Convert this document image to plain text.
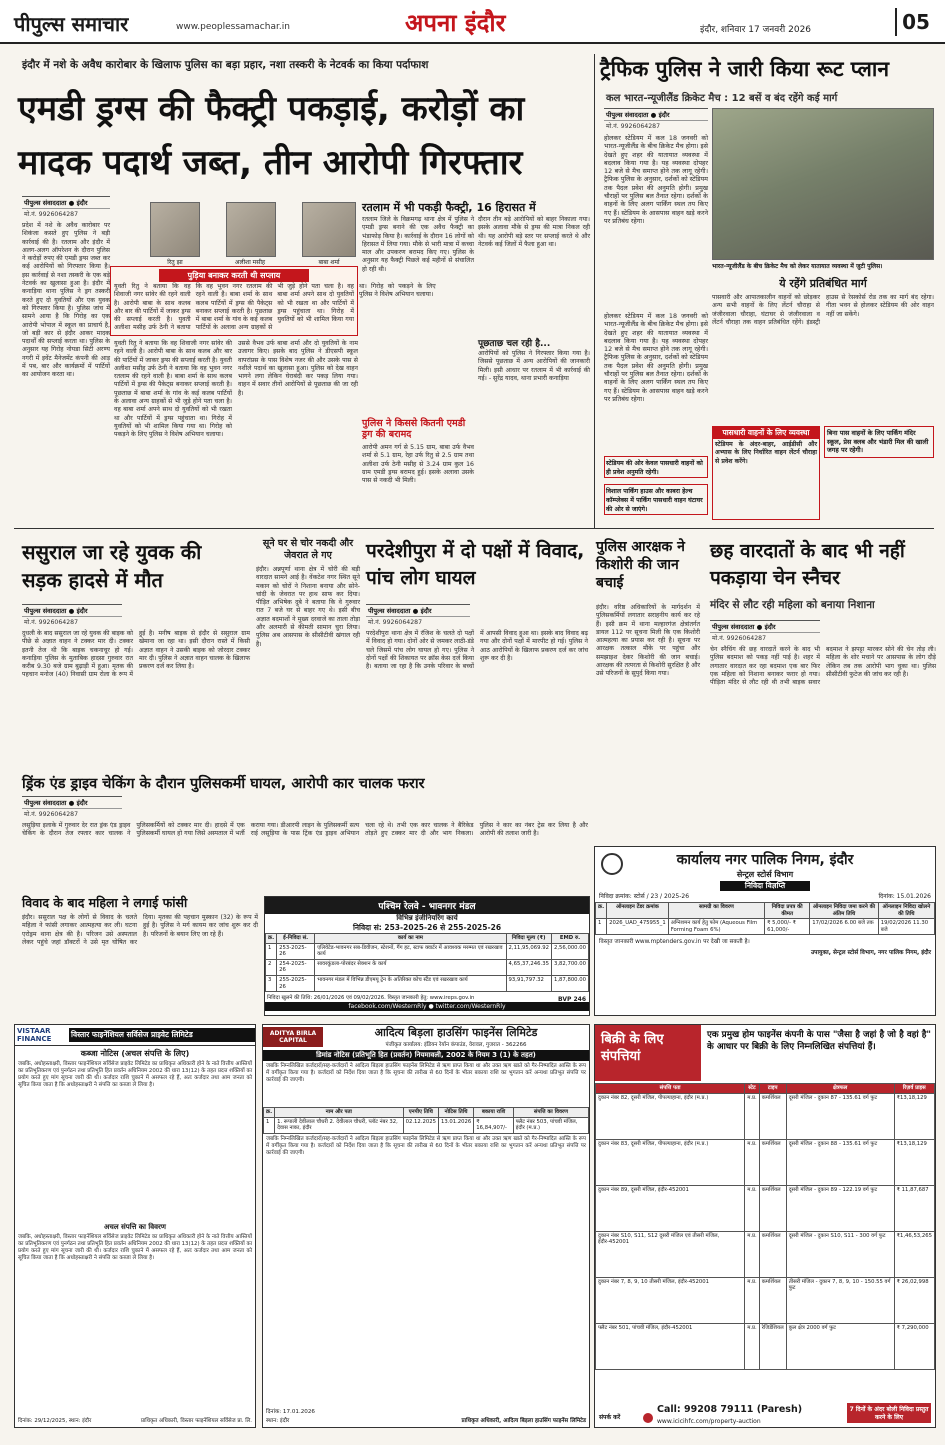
पीपुल्स समाचार	www.peoplessamachar.in	अपना इंदौर	इंदौर, शनिवार 17 जनवरी 2026	05
इंदौर में नशे के अवैध कारोबार के खिलाफ पुलिस का बड़ा प्रहार, नशा तस्करी के नेटवर्क का किया पर्दाफाश
एमडी ड्रग्स की फैक्ट्री पकड़ाई, करोड़ों का मादक पदार्थ जब्त, तीन आरोपी गिरफ्तार
पीपुल्स संवाददाता ● इंदौर
मो.नं. 9926064287
प्रदेश में नशे के अवैध कारोबार पर शिकंजा कसते हुए पुलिस ने बड़ी कार्रवाई की है। रतलाम और इंदौर में अलग-अलग ऑपरेशन के दौरान पुलिस ने करोड़ों रुपए की एमडी ड्रग्स जब्त कर कई आरोपियों को गिरफ्तार किया है। इस कार्रवाई से नशा तस्करी के एक बड़े नेटवर्क का खुलासा हुआ है। इंदौर में कनाड़िया थाना पुलिस ने ड्रग तस्करी करते हुए दो युवतियों और एक युवक को गिरफ्तार किया है। पुलिस जांच में सामने आया है कि गिरोह का एक आरोपी भोपाल में स्कूल का प्राचार्य है, जो बड़ी कार से इंदौर आकर मादक पदार्थों की सप्लाई करता था। पुलिस के अनुसार यह गिरोह नोयडा सिटी अरण्य नगरी में इवेंट मैनेजमेंट कंपनी की आड़ में पब, बार और कार्यक्रमों में पार्टियों का आयोजन करता था।
रितु झा	अलीशा मसीह	बाबा शर्मा
पुड़िया बनाकर करती थी सप्लाय
युवती रितु ने बताया कि वह शिवाजी नगर सांवेर की रहने वाली है। आरोपी बाबा के साथ कलब और बार की पार्टियों में जाकर ड्रग्स की सप्लाई करती है। युवती अलीशा मसीह उर्फ ठेनी ने बताया कि वह भुवन नगर रतलाम की रहने वाली है। बाबा शर्मा के साथ कलब पार्टियों में ड्रग्स की पैकेट्स बनाकर सप्लाई करती है। पूछताछ में बाबा शर्मा के गांव के कई कलब पार्टियों के अलावा अन्य ग्राहकों से भी जुड़े होने पता चला है। वह बाबा शर्मा अपने साथ दो युवतियों को भी रखता था और पार्टियों में ड्रग्स पहुंचाता था। गिरोह में युवतियों को भी शामिल किया गया था। गिरोह को पकड़ने के लिए पुलिस ने विशेष अभियान चलाया।
युवती रितु ने बताया कि वह शिवाजी नगर सांवेर की रहने वाली है। आरोपी बाबा के साथ कलब और बार की पार्टियों में जाकर ड्रग्स की सप्लाई करती है। युवती अलीशा मसीह उर्फ ठेनी ने बताया कि वह भुवन नगर रतलाम की रहने वाली है। बाबा शर्मा के साथ कलब पार्टियों में ड्रग्स की पैकेट्स बनाकर सप्लाई करती है। पूछताछ में बाबा शर्मा के गांव के कई कलब पार्टियों के अलावा अन्य ग्राहकों से भी जुड़े होने पता चला है। वह बाबा शर्मा अपने साथ दो युवतियों को भी रखता था और पार्टियों में ड्रग्स पहुंचाता था। गिरोह में युवतियों को भी शामिल किया गया था। गिरोह को पकड़ने के लिए पुलिस ने विशेष अभियान चलाया।
उससे वैभव उर्फ बाबा शर्मा और दो युवतियों के नाम उजागर किए। इसके बाद पुलिस ने डीएसपी स्कूल वापरांप्रस के पास विशेष नजर की और उसके पास से नशीले पदार्थ का खुलासा हुआ। पुलिस को देख वाहन भागने लगा लेकिन घेराबंदी कर पकड़ लिया गया। वाहन में सवार तीनों आरोपियों से पूछताछ की जा रही है।
रतलाम में भी पकड़ी फैक्ट्री, 16 हिरासत में
रतलाम जिले के विक्रमगढ़ थाना क्षेत्र में पुलिस ने एमडी ड्रग्स बनाने की एक अवैध फैक्ट्री का भंडाफोड़ किया है। कार्रवाई के दौरान 16 लोगों को हिरासत में लिया गया। मौके से भारी मात्रा में कच्चा माल और उपकरण बरामद किए गए। पुलिस के अनुसार यह फैक्ट्री पिछले कई महीनों से संचालित हो रही थी।
दौरान तीन बड़े आरोपियों को बाहर निकाला गया। इसके अलावा मौके से ड्रग्स की मात्रा निकल रही थी। यह आरोपी बड़े स्तर पर सप्लाई करते थे और नेटवर्क कई जिलों में फैला हुआ था।
पुलिस ने किससे कितनी एमडी ड्रग की बरामद
आरोपी अमन गर्ग से 5.15 ग्राम, बाबा उर्फ वैभव शर्मा से 5.1 ग्राम, रेहा उर्फ रितु से 2.5 ग्राम तथा अलीशा उर्फ ठेनी मसीह से 3.24 ग्राम कुल 16 ग्राम एमडी ड्रग्स बरामद हुई। इसके अलावा उसके पास से नकदी भी मिली।
पूछताछ चल रही है...
आरोपियों को पुलिस ने गिरफ्तार किया गया है। जिससे पूछताछ में अन्य आरोपियों की जानकारी मिली। इसी आधार पर रतलाम में भी कार्रवाई की गई। - सुरेंद्र यादव, थाना प्रभारी कनाड़िया
ट्रैफिक पुलिस ने जारी किया रूट प्लान
कल भारत-न्यूजीलैंड क्रिकेट मैच : 12 बसें व बंद रहेंगे कई मार्ग
पीपुल्स संवाददाता ● इंदौर
मो.नं. 9926064287
होलकर स्टेडियम में कल 18 जनवरी को भारत-न्यूजीलैंड के बीच क्रिकेट मैच होगा। इसे देखते हुए शहर की यातायात व्यवस्था में बदलाव किया गया है। यह व्यवस्था दोपहर 12 बजे से मैच समाप्त होने तक लागू रहेगी। ट्रैफिक पुलिस के अनुसार, दर्शकों को स्टेडियम तक पैदल प्रवेश की अनुमति होगी। प्रमुख चौराहों पर पुलिस बल तैनात रहेगा। दर्शकों के वाहनों के लिए अलग पार्किंग स्थल तय किए गए हैं। स्टेडियम के आसपास वाहन खड़े करने पर प्रतिबंध रहेगा।
भारत-न्यूजीलैंड के बीच क्रिकेट मैच को लेकर यातायात व्यवस्था में जुटी पुलिस।
ये रहेंगे प्रतिबंधित मार्ग
पासवारी और आपातकालीन वाहनों को छोड़कर अन्य सभी वाहनों के लिए लेंटर्न चौराहा से जंजीरवाला चौराहा, घंटाघर से जंजीरवाला व लेंटर्न चौराहा तक वाहन प्रतिबंधित रहेंगे। इंडस्ट्री हाउस से रेसकोर्स रोड तक का मार्ग बंद रहेगा। गीता भवन से होलकर स्टेडियम की ओर वाहन नहीं जा सकेंगे।
होलकर स्टेडियम में कल 18 जनवरी को भारत-न्यूजीलैंड के बीच क्रिकेट मैच होगा। इसे देखते हुए शहर की यातायात व्यवस्था में बदलाव किया गया है। यह व्यवस्था दोपहर 12 बजे से मैच समाप्त होने तक लागू रहेगी। ट्रैफिक पुलिस के अनुसार, दर्शकों को स्टेडियम तक पैदल प्रवेश की अनुमति होगी। प्रमुख चौराहों पर पुलिस बल तैनात रहेगा। दर्शकों के वाहनों के लिए अलग पार्किंग स्थल तय किए गए हैं। स्टेडियम के आसपास वाहन खड़े करने पर प्रतिबंध रहेगा।
स्टेडियम की ओर केवल पासधारी वाहनों को ही प्रवेश अनुमति रहेगी।
विशाल पार्किंग हाउस और काबरा हेल्थ कॉम्प्लेक्स में पार्किंग पासधारी वाहन घंटाघर की ओर से जाएंगे।
पासधारी वाहनों के लिए व्यवस्था
स्टेडियम के अंदर-बाहर, आईडीसी और अभ्यास के लिए निर्धारित वाहन लेंटर्न चौराहा से प्रवेश करेंगे।
बिना पास वाहनों के लिए पार्किंग मंदिर स्कूल, प्रेस क्लब और भंडारी मिल की खाली जगह पर रहेगी।
ससुराल जा रहे युवक की सड़क हादसे में मौत
पीपुल्स संवाददाता ● इंदौर
मो.नं. 9926064287
दुधली के बाद ससुराल जा रहे युवक की बाइक को पीछे से अज्ञात वाहन ने टक्कर मार दी। टक्कर इतनी तेज थी कि बाइक चकनाचूर हो गई। कनाड़िया पुलिस के मुताबिक हादसा गुरुवार रात करीब 9.30 बजे ग्राम बुढ़ाड़ी में हुआ। मृतक की पहचान मनोज (40) निवासी ग्राम रोला के रूप में हुई है। मनीष बाइक से इंदौर से ससुराल ग्राम खेमाना जा रहा था। इसी दौरान रास्ते में किसी अज्ञात वाहन ने उसकी बाइक को जोरदार टक्कर मार दी। पुलिस ने अज्ञात वाहन चालक के खिलाफ प्रकरण दर्ज कर लिया है।
सूने घर से चोर नकदी और जेवरात ले गए
इंदौर। अन्नपूर्णा थाना क्षेत्र में चोरी की बड़ी वारदात सामने आई है। वेंकटेश नगर स्थित सूने मकान को चोरों ने निशाना बनाया और सोने-चांदी के जेवरात पर हाथ साफ कर दिया। पीड़ित अभिषेक दुबे ने बताया कि वे गुरुवार रात 7 बजे घर से बाहर गए थे। इसी बीच अज्ञात बदमाशों ने मुख्य दरवाजे का ताला तोड़ा और अलमारी से कीमती सामान चुरा लिया। पुलिस अब आसपास के सीसीटीवी खंगाल रही है।
परदेशीपुरा में दो पक्षों में विवाद, पांच लोग घायल
पीपुल्स संवाददाता ● इंदौर
मो.नं. 9926064287
परदेशीपुरा थाना क्षेत्र में रंजिश के चलते दो पक्षों में विवाद हो गया। दोनों ओर से जमकर लाठी-डंडे चले जिसमें पांच लोग घायल हो गए। पुलिस ने दोनों पक्षों की शिकायत पर क्रॉस केस दर्ज किया है। बताया जा रहा है कि उनके परिवार के बच्चों में आपसी विवाद हुआ था। इसके बाद विवाद बढ़ गया और दोनों पक्षों में मारपीट हो गई। पुलिस ने आठ आरोपियों के खिलाफ प्रकरण दर्ज कर जांच शुरू कर दी है।
पुलिस आरक्षक ने किशोरी की जान बचाई
इंदौर। वरिष्ठ अधिकारियों के मार्गदर्शन में पुलिसकर्मियों लगातार सराहनीय कार्य कर रहे हैं। इसी क्रम में थाना मल्हारगंज क्षेत्रांतर्गत डायल 112 पर सूचना मिली कि एक किशोरी आत्महत्या का प्रयास कर रही है। सूचना पर आरक्षक तत्काल मौके पर पहुंचा और समझाइश देकर किशोरी की जान बचाई। आरक्षक की तत्परता से किशोरी सुरक्षित है और उसे परिजनों के सुपुर्द किया गया।
छह वारदातों के बाद भी नहीं पकड़ाया चेन स्नैचर
मंदिर से लौट रही महिला को बनाया निशाना
पीपुल्स संवाददाता ● इंदौर
मो.नं. 9926064287
चेन स्नैचिंग की छह वारदातें करने के बाद भी पुलिस बदमाश को पकड़ नहीं पाई है। शहर में लगातार वारदात कर रहा बदमाश एक बार फिर एक महिला को निशाना बनाकर फरार हो गया। पीड़िता मंदिर से लौट रही थी तभी बाइक सवार बदमाश ने झपट्टा मारकर सोने की चेन तोड़ ली। महिला के शोर मचाने पर आसपास के लोग दौड़े लेकिन तब तक आरोपी भाग चुका था। पुलिस सीसीटीवी फुटेज की जांच कर रही है।
ड्रिंक एंड ड्राइव चेकिंग के दौरान पुलिसकर्मी घायल, आरोपी कार चालक फरार
पीपुल्स संवाददाता ● इंदौर
मो.नं. 9926064287
लसूड़िया इलाके में गुरुवार देर रात ड्रंक एंड ड्राइव चेकिंग के दौरान तेज रफ्तार कार चालक ने पुलिसकर्मियों को टक्कर मार दी। हादसे में एक पुलिसकर्मी घायल हो गया जिसे अस्पताल में भर्ती कराया गया। डीआरपी लाइन के पुलिसकर्मी सत्य राई लसूड़िया के पास ट्रिंक एंड ड्राइव अभियान चला रहे थे। तभी एक कार चालक ने बैरिकेड तोड़ते हुए टक्कर मार दी और भाग निकला। पुलिस ने कार का नंबर ट्रेस कर लिया है और आरोपी की तलाश जारी है।
विवाद के बाद महिला ने लगाई फांसी
इंदौर। ससुराल पक्ष के लोगों से विवाद के चलते महिला ने फांसी लगाकर आत्महत्या कर ली। घटना एरोड्रम थाना क्षेत्र की है। परिजन उसे अस्पताल लेकर पहुंचे जहां डॉक्टरों ने उसे मृत घोषित कर दिया। मृतका की पहचान मुस्कान (32) के रूप में हुई है। पुलिस ने मर्ग कायम कर जांच शुरू कर दी है। परिजनों के बयान लिए जा रहे हैं।
पश्चिम रेलवे - भावनगर मंडल
विभिन्न इंजीनियरिंग कार्य
निविदा सं: 253-2025-26 से 255-2025-26
क्र.	ई-निविदा सं.	कार्य का नाम	निविदा मूल्य (₹)	EMD रु.
1	253-2025-26	एलिवेटेड-भावनगर सब-डिवीजन, स्टेशनों, गैंग हट, स्टाफ क्वार्टर में आवश्यक मरम्मत एवं रखरखाव कार्य	2,11,95,069.92	2,56,000.00
2	254-2025-26	सावरकुंडला-पोरबंदर सेक्शन के कार्य	4,65,37,246.35	3,82,700.00
3	255-2025-26	भावनगर मंडल में विभिन्न डीएमयू ट्रेन के अतिरिक्त कोच स्टैंड एवं रखरखाव कार्य	93,91,797.32	1,87,800.00
निविदा खुलने की तिथि: 26/01/2026 एवं 09/02/2026. विस्तृत जानकारी हेतु: www.ireps.gov.in
facebook.com/WesternRly ● twitter.com/WesternRly
BVP 246
कार्यालय नगर पालिक निगम, इंदौर
सेन्ट्रल स्टोर्स विभाग
निविदा विज्ञप्ति
निविदा क्रमांक: स्टोर्स / 23 / 2025-26	दिनांक: 15.01.2026
क्र.	ऑनलाइन टेंडर क्रमांक	सामग्री का विवरण	निविदा प्रपत्र की कीमत	ऑनलाइन निविदा जमा करने की अंतिम तिथि	ऑनलाइन निविदा खोलने की तिथि
1	2026_UAD_475955_1	अग्निशमन कार्य हेतु फोम (Aqueous Film Forming Foam 6%)	₹ 5,000/- ₹ 61,000/-	17/02/2026 6.00 बजे तक	19/02/2026 11.30 बजे
विस्तृत जानकारी www.mptenders.gov.in पर देखी जा सकती है।
उपायुक्त, सेन्ट्रल स्टोर्स विभाग, नगर पालिक निगम, इंदौर
VISTAAR FINANCE	विस्तार फाइनेंशियल सर्विसेज प्राइवेट लिमिटेड
कब्जा नोटिस (अचल संपत्ति के लिए)
जबकि, अधोहस्ताक्षरी, विस्तार फाइनेंशियल सर्विसेज प्राइवेट लिमिटेड का प्राधिकृत अधिकारी होने के नाते वित्तीय आस्तियों का प्रतिभूतिकरण एवं पुनर्गठन तथा प्रतिभूति हित प्रवर्तन अधिनियम 2002 की धारा 13(12) के तहत प्रदत्त शक्तियों का प्रयोग करते हुए मांग सूचना जारी की थी। कर्जदार राशि चुकाने में असफल रहे हैं, अतः कर्जदार तथा आम जनता को सूचित किया जाता है कि अधोहस्ताक्षरी ने संपत्ति का कब्जा ले लिया है।
अचल संपत्ति का विवरण
जबकि, अधोहस्ताक्षरी, विस्तार फाइनेंशियल सर्विसेज प्राइवेट लिमिटेड का प्राधिकृत अधिकारी होने के नाते वित्तीय आस्तियों का प्रतिभूतिकरण एवं पुनर्गठन तथा प्रतिभूति हित प्रवर्तन अधिनियम 2002 की धारा 13(12) के तहत प्रदत्त शक्तियों का प्रयोग करते हुए मांग सूचना जारी की थी। कर्जदार राशि चुकाने में असफल रहे हैं, अतः कर्जदार तथा आम जनता को सूचित किया जाता है कि अधोहस्ताक्षरी ने संपत्ति का कब्जा ले लिया है।
दिनांक: 29/12/2025, स्थान: इंदौर	प्राधिकृत अधिकारी, विस्तार फाइनेंशियल सर्विसेज प्रा. लि.
ADITYA BIRLA CAPITAL
आदित्य बिड़ला हाउसिंग फाइनेंस लिमिटेड
पंजीकृत कार्यालय: इंडियन रेयॉन कंपाउंड, वेरावल, गुजरात - 362266
डिमांड नोटिस (प्रतिभूति हित (प्रवर्तन) नियमावली, 2002 के नियम 3 (1) के तहत)
जबकि निम्नलिखित कर्जदारों/सह-कर्जदारों ने आदित्य बिड़ला हाउसिंग फाइनेंस लिमिटेड से ऋण प्राप्त किया था और उक्त ऋण खाते को गैर-निष्पादित आस्ति के रूप में वर्गीकृत किया गया है। कर्जदारों को निर्देश दिया जाता है कि सूचना की तारीख से 60 दिनों के भीतर बकाया राशि का भुगतान करें अन्यथा प्रतिभूत संपत्ति पर कार्रवाई की जाएगी।
क्र.	नाम और पता	एनपीए तिथि	नोटिस तिथि	बकाया राशि	संपत्ति का विवरण
1	1. रूपाली देवीलाल चौधरी 2. देवीलाल चौधरी, प्लॉट नंबर 32, देवास नाका, इंदौर	02.12.2025	13.01.2026	₹ 16,84,907/-	फ्लैट नंबर 503, पांचवी मंजिल, इंदौर (म.प्र.)
जबकि निम्नलिखित कर्जदारों/सह-कर्जदारों ने आदित्य बिड़ला हाउसिंग फाइनेंस लिमिटेड से ऋण प्राप्त किया था और उक्त ऋण खाते को गैर-निष्पादित आस्ति के रूप में वर्गीकृत किया गया है। कर्जदारों को निर्देश दिया जाता है कि सूचना की तारीख से 60 दिनों के भीतर बकाया राशि का भुगतान करें अन्यथा प्रतिभूत संपत्ति पर कार्रवाई की जाएगी।
दिनांक: 17.01.2026
स्थान: इंदौर	प्राधिकृत अधिकारी, आदित्य बिड़ला हाउसिंग फाइनेंस लिमिटेड
बिक्री के लिए संपत्तियां
एक प्रमुख होम फाइनेंस कंपनी के पास "जैसा है जहां है जो है वहां है" के आधार पर बिक्री के लिए निम्नलिखित संपत्तियां हैं।
संपत्ति पता	स्टेट	टाइप	क्षेत्रफल	रिज़र्व प्राइस
दुकान नंबर 82, दूसरी मंजिल, पीपल्याहाना, इंदौर (म.प्र.)	म.प्र.	कमर्शियल	दूसरी मंजिल - दुकान 87 - 135.61 वर्ग फुट	₹13,18,129
दुकान नंबर 83, दूसरी मंजिल, पीपल्याहाना, इंदौर (म.प्र.)	म.प्र.	कमर्शियल	दूसरी मंजिल - दुकान 88 - 135.61 वर्ग फुट	₹13,18,129
दुकान नंबर 89, दूसरी मंजिल, इंदौर-452001	म.प्र.	कमर्शियल	दूसरी मंजिल - दुकान 89 - 122.19 वर्ग फुट	₹ 11,87,687
दुकान नंबर S10, S11, S12 दूसरी मंजिल एवं तीसरी मंजिल, इंदौर-452001	म.प्र.	कमर्शियल	दूसरी मंजिल - दुकान S10, S11 - 300 वर्ग फुट	₹1,46,53,265
दुकान नंबर 7, 8, 9, 10 तीसरी मंजिल, इंदौर-452001	म.प्र.	कमर्शियल	तीसरी मंजिल - दुकान 7, 8, 9, 10 - 150.55 वर्ग फुट	₹ 26,02,998
फ्लैट नंबर 501, पांचवी मंजिल, इंदौर-452001	म.प्र.	रेजिडेंशियल	कुल क्षेत्र 2000 वर्ग फुट	₹ 7,290,000
संपर्क करें
Call: 99208 79111 (Paresh)
www.icicihfc.com/property-auction
7 दिनों के अंदर बोली निविदा प्रस्तुत करने के लिए
